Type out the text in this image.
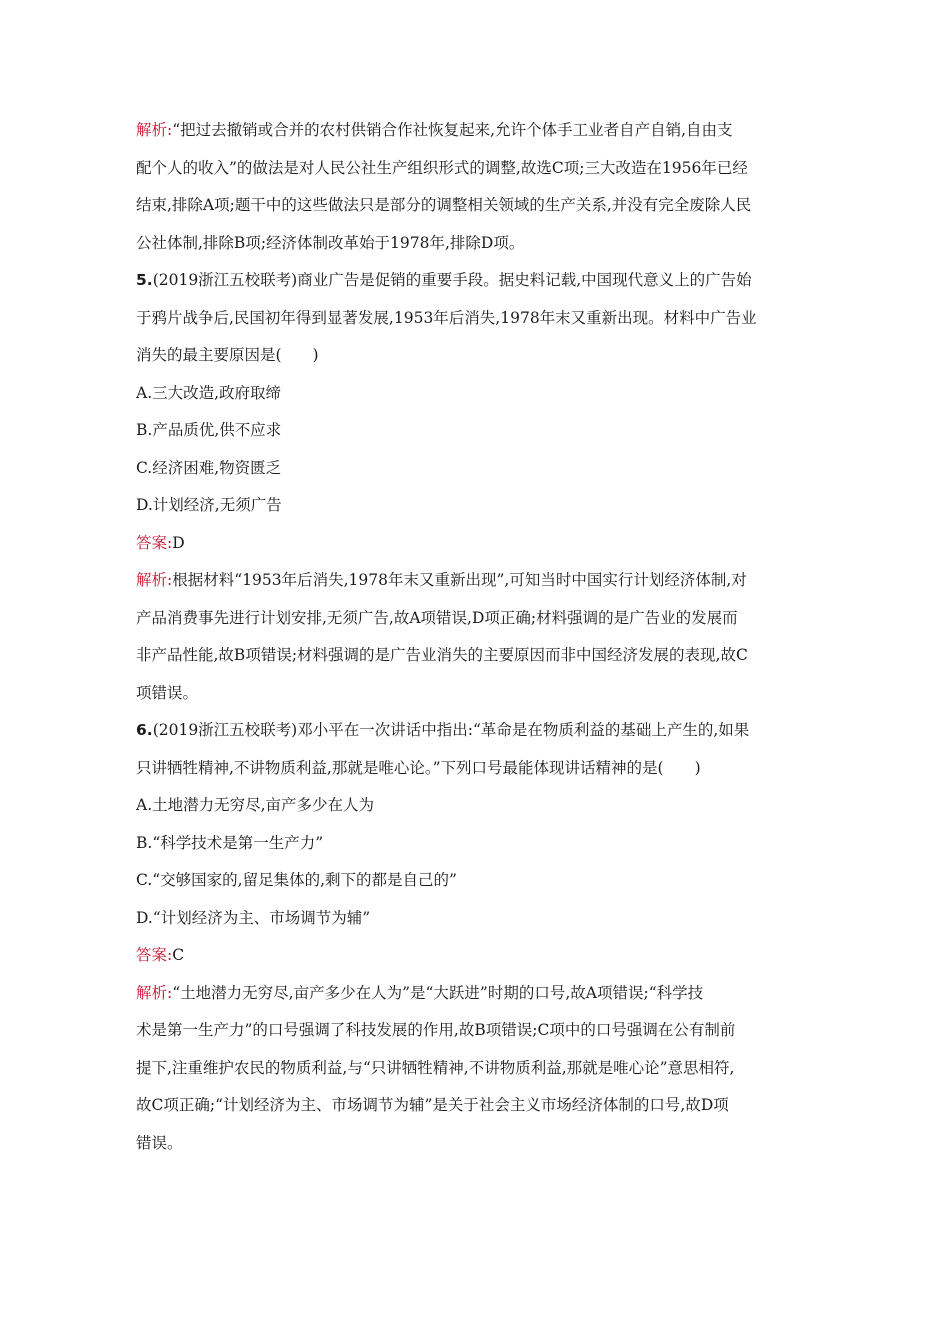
解析:“把过去撤销或合并的农村供销合作社恢复起来,允许个体手工业者自产自销,自由支
配个人的收入”的做法是对人民公社生产组织形式的调整,故选C项;三大改造在1956年已经
结束,排除A项;题干中的这些做法只是部分的调整相关领域的生产关系,并没有完全废除人民
公社体制,排除B项;经济体制改革始于1978年,排除D项。
5.(2019浙江五校联考)商业广告是促销的重要手段。据史料记载,中国现代意义上的广告始
于鸦片战争后,民国初年得到显著发展,1953年后消失,1978年末又重新出现。材料中广告业
消失的最主要原因是(　　)
A.三大改造,政府取缔
B.产品质优,供不应求
C.经济困难,物资匮乏
D.计划经济,无须广告
答案:D
解析:根据材料“1953年后消失,1978年末又重新出现”,可知当时中国实行计划经济体制,对
产品消费事先进行计划安排,无须广告,故A项错误,D项正确;材料强调的是广告业的发展而
非产品性能,故B项错误;材料强调的是广告业消失的主要原因而非中国经济发展的表现,故C
项错误。
6.(2019浙江五校联考)邓小平在一次讲话中指出:“革命是在物质利益的基础上产生的,如果
只讲牺牲精神,不讲物质利益,那就是唯心论。”下列口号最能体现讲话精神的是(　　)
A.土地潜力无穷尽,亩产多少在人为
B.“科学技术是第一生产力”
C.“交够国家的,留足集体的,剩下的都是自己的”
D.“计划经济为主、市场调节为辅”
答案:C
解析:“土地潜力无穷尽,亩产多少在人为”是“大跃进”时期的口号,故A项错误;“科学技
术是第一生产力”的口号强调了科技发展的作用,故B项错误;C项中的口号强调在公有制前
提下,注重维护农民的物质利益,与“只讲牺牲精神,不讲物质利益,那就是唯心论”意思相符,
故C项正确;“计划经济为主、市场调节为辅”是关于社会主义市场经济体制的口号,故D项
错误。
